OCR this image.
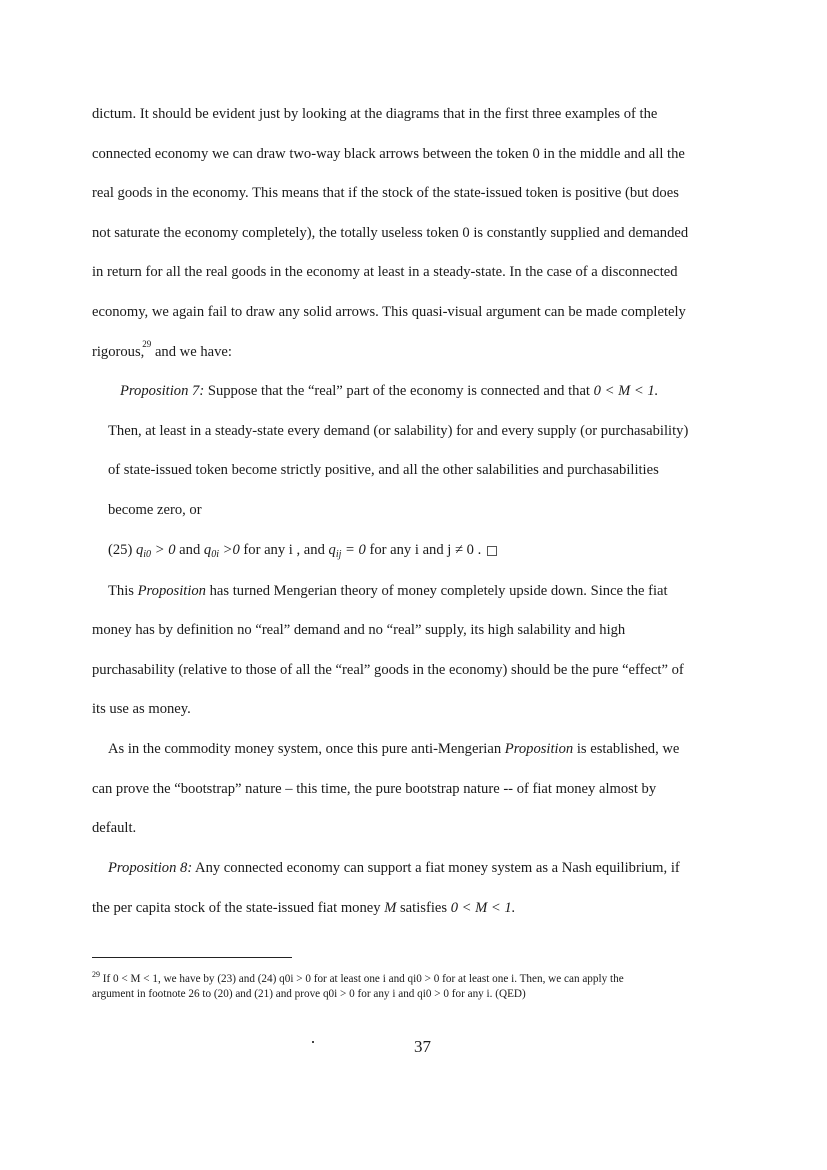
dictum. It should be evident just by looking at the diagrams that in the first three examples of the
connected economy we can draw two-way black arrows between the token 0 in the middle and all the
real goods in the economy. This means that if the stock of the state-issued token is positive (but does
not saturate the economy completely), the totally useless token 0 is constantly supplied and demanded
in return for all the real goods in the economy at least in a steady-state. In the case of a disconnected
economy, we again fail to draw any solid arrows. This quasi-visual argument can be made completely
rigorous,$^{29}$ and we have:
Proposition 7: Suppose that the “real” part of the economy is connected and that 0 < M < 1.
Then, at least in a steady-state every demand (or salability) for and every supply (or purchasability)
of state-issued token become strictly positive, and all the other salabilities and purchasabilities
become zero, or
(25) $q_{i0} > 0$ and $q_{0i} >0$ for any i , and $q_{ij} = 0$ for any i and j ≠ 0 .
This Proposition has turned Mengerian theory of money completely upside down. Since the fiat
money has by definition no “real” demand and no “real” supply, its high salability and high
purchasability (relative to those of all the “real” goods in the economy) should be the pure “effect” of
its use as money.
As in the commodity money system, once this pure anti-Mengerian Proposition is established, we
can prove the “bootstrap” nature – this time, the pure bootstrap nature -- of fiat money almost by
default.
Proposition 8: Any connected economy can support a fiat money system as a Nash equilibrium, if
the per capita stock of the state-issued fiat money M satisfies 0 < M < 1.
$^{29}$ If 0 < M < 1, we have by (23) and (24) q0i > 0 for at least one i and qi0 > 0 for at least one i. Then, we can apply the
argument in footnote 26 to (20) and (21) and prove q0i > 0 for any i and qi0 > 0 for any i. (QED)
37
